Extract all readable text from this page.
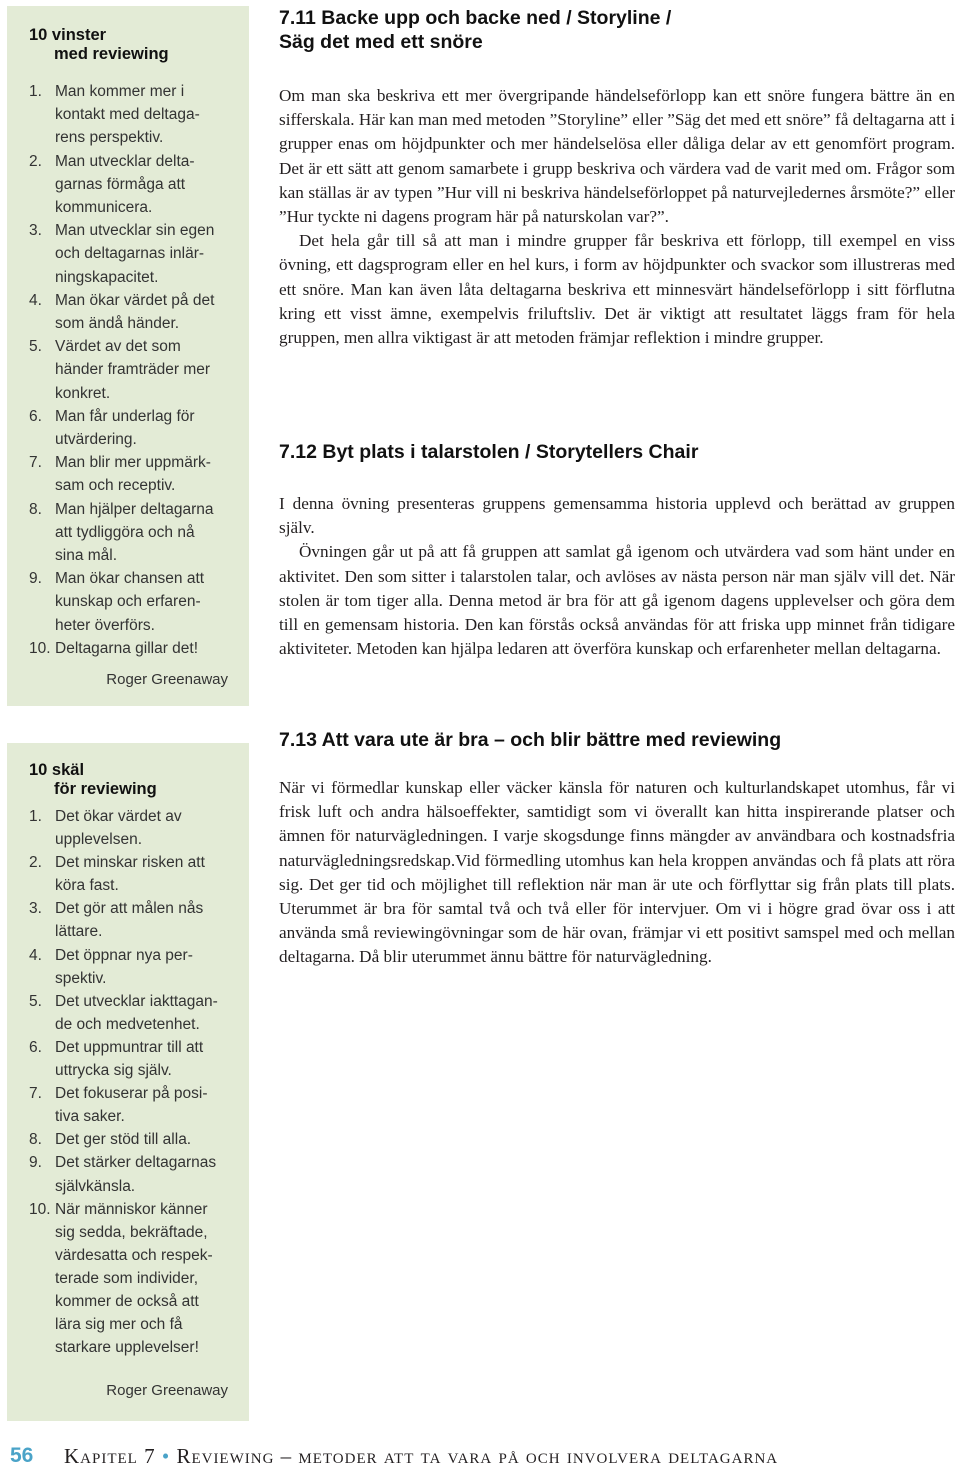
10 vinster
med reviewing
1. Man kommer mer i
kontakt med deltaga-
rens perspektiv.
2. Man utvecklar delta-
garnas förmåga att
kommunicera.
3. Man utvecklar sin egen
och deltagarnas inlär-
ningskapacitet.
4. Man ökar värdet på det
som ändå händer.
5. Värdet av det som
händer framträder mer
konkret.
6. Man får underlag för
utvärdering.
7. Man blir mer uppmärk-
sam och receptiv.
8. Man hjälper deltagarna
att tydliggöra och nå
sina mål.
9. Man ökar chansen att
kunskap och erfaren-
heter överförs.
10. Deltagarna gillar det!
Roger Greenaway
10 skäl
för reviewing
1. Det ökar värdet av
upplevelsen.
2. Det minskar risken att
köra fast.
3. Det gör att målen nås
lättare.
4. Det öppnar nya per-
spektiv.
5. Det utvecklar iakttagan-
de och medvetenhet.
6. Det uppmuntrar till att
uttrycka sig själv.
7. Det fokuserar på posi-
tiva saker.
8. Det ger stöd till alla.
9. Det stärker deltagarnas
självkänsla.
10. När människor känner
sig sedda, bekräftade,
värdesatta och respek-
terade som individer,
kommer de också att
lära sig mer och få
starkare upplevelser!
Roger Greenaway
7.11 Backe upp och backe ned / Storyline /
Säg det med ett snöre

Om man ska beskriva ett mer övergripande händelseförlopp kan ett snöre fungera bättre än en sifferskala. Här kan man med metoden ”Storyline” eller ”Säg det med ett snöre” få deltagarna att i grupper enas om höjdpunkter och mer händelselösa eller dåliga delar av ett genomfört program. Det är ett sätt att genom samarbete i grupp beskriva och värdera vad de varit med om. Frågor som kan ställas är av typen ”Hur vill ni beskriva händelseförloppet på naturvejledernes årsmöte?” eller ”Hur tyckte ni dagens program här på naturskolan var?”.

Det hela går till så att man i mindre grupper får beskriva ett förlopp, till exempel en viss övning, ett dagsprogram eller en hel kurs, i form av höjdpunkter och svackor som illustreras med ett snöre. Man kan även låta deltagarna beskriva ett minnesvärt händelseförlopp i sitt förflutna kring ett visst ämne, exempelvis friluftsliv. Det är viktigt att resultatet läggs fram för hela gruppen, men allra viktigast är att metoden främjar reflektion i mindre grupper.

7.12 Byt plats i talarstolen / Storytellers Chair

I denna övning presenteras gruppens gemensamma historia upplevd och berättad av gruppen själv.

Övningen går ut på att få gruppen att samlat gå igenom och utvärdera vad som hänt under en aktivitet. Den som sitter i talarstolen talar, och avlöses av nästa person när man själv vill det. När stolen är tom tiger alla. Denna metod är bra för att gå igenom dagens upplevelser och göra dem till en gemensam historia. Den kan förstås också användas för att friska upp minnet från tidigare aktiviteter. Metoden kan hjälpa ledaren att överföra kunskap och erfarenheter mellan deltagarna.

7.13 Att vara ute är bra – och blir bättre med reviewing

När vi förmedlar kunskap eller väcker känsla för naturen och kulturlandskapet utomhus, får vi frisk luft och andra hälsoeffekter, samtidigt som vi överallt kan hitta inspirerande platser och ämnen för naturvägledningen. I varje skogsdunge finns mängder av användbara och kostnadsfria naturvägledningsredskap.Vid förmedling utomhus kan hela kroppen användas och få plats att röra sig. Det ger tid och möjlighet till reflektion när man är ute och förflyttar sig från plats till plats. Uterummet är bra för samtal två och två eller för intervjuer. Om vi i högre grad övar oss i att använda små reviewingövningar som de här ovan, främjar vi ett positivt samspel med och mellan deltagarna. Då blir uterummet ännu bättre för naturvägledning.

56 Kapitel 7 • Reviewing – metoder att ta vara på och involvera deltagarna
